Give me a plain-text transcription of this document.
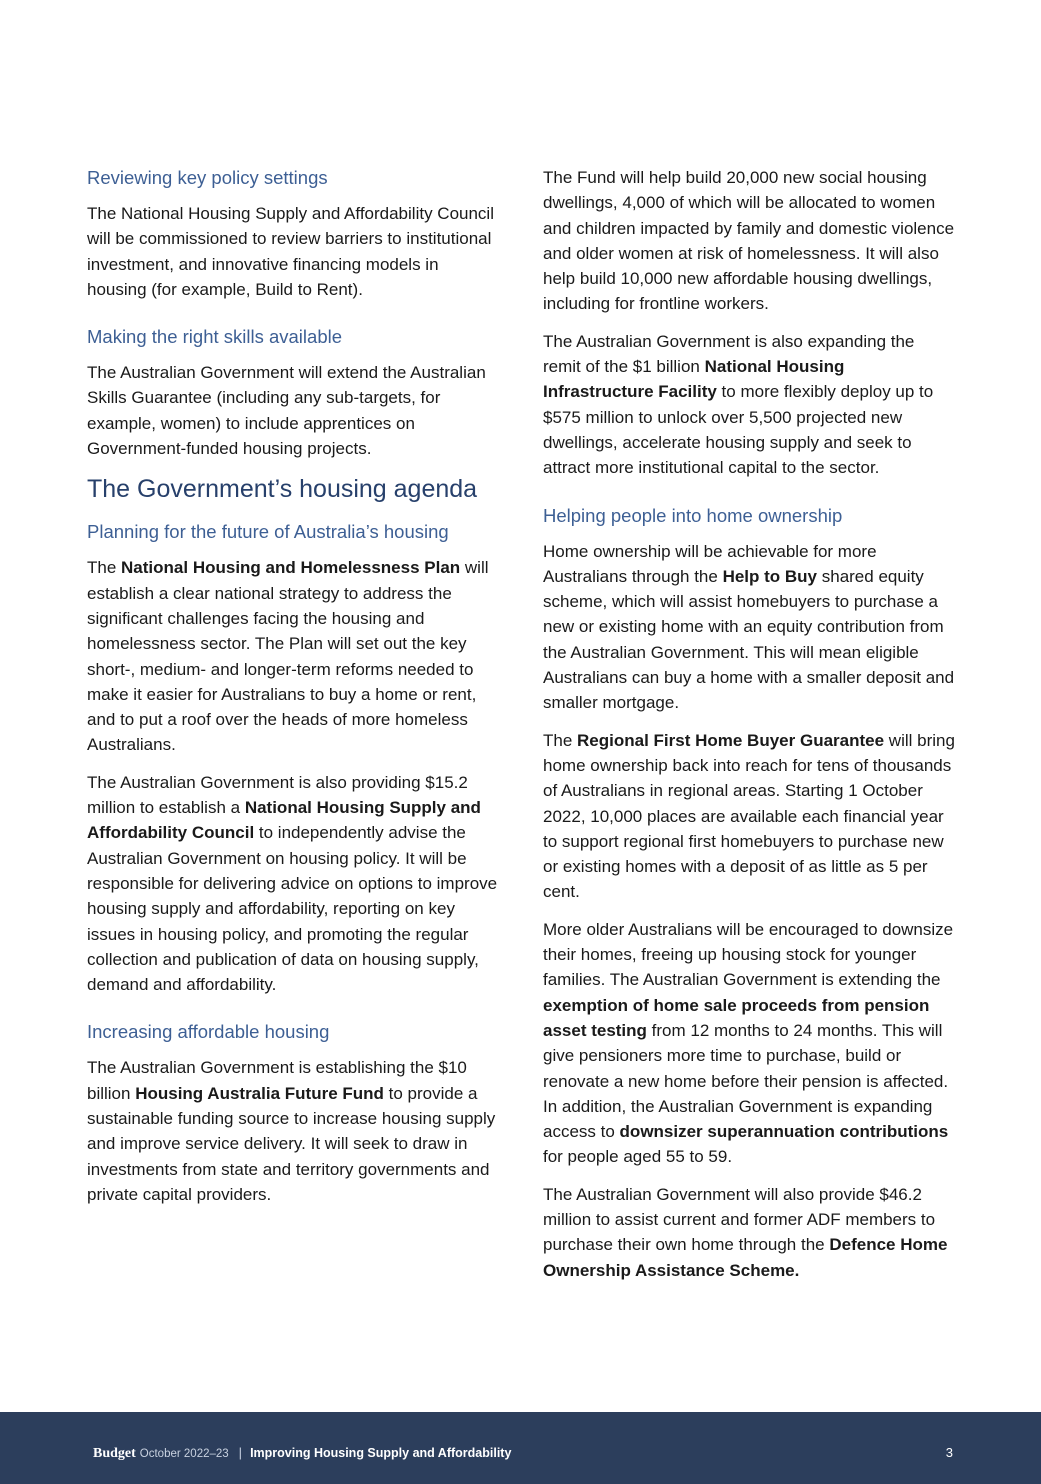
Reviewing key policy settings

The National Housing Supply and Affordability Council will be commissioned to review barriers to institutional investment, and innovative financing models in housing (for example, Build to Rent).

Making the right skills available

The Australian Government will extend the Australian Skills Guarantee (including any sub-targets, for example, women) to include apprentices on Government-funded housing projects.

The Government’s housing agenda
Planning for the future of Australia’s housing

The National Housing and Homelessness Plan will establish a clear national strategy to address the significant challenges facing the housing and homelessness sector. The Plan will set out the key short-, medium- and longer-term reforms needed to make it easier for Australians to buy a home or rent, and to put a roof over the heads of more homeless Australians.

The Australian Government is also providing $15.2 million to establish a National Housing Supply and Affordability Council to independently advise the Australian Government on housing policy. It will be responsible for delivering advice on options to improve housing supply and affordability, reporting on key issues in housing policy, and promoting the regular collection and publication of data on housing supply, demand and affordability.

Increasing affordable housing

The Australian Government is establishing the $10 billion Housing Australia Future Fund to provide a sustainable funding source to increase housing supply and improve service delivery. It will seek to draw in investments from state and territory governments and private capital providers.

The Fund will help build 20,000 new social housing dwellings, 4,000 of which will be allocated to women and children impacted by family and domestic violence and older women at risk of homelessness. It will also help build 10,000 new affordable housing dwellings, including for frontline workers.

The Australian Government is also expanding the remit of the $1 billion National Housing Infrastructure Facility to more flexibly deploy up to $575 million to unlock over 5,500 projected new dwellings, accelerate housing supply and seek to attract more institutional capital to the sector.

Helping people into home ownership

Home ownership will be achievable for more Australians through the Help to Buy shared equity scheme, which will assist homebuyers to purchase a new or existing home with an equity contribution from the Australian Government. This will mean eligible Australians can buy a home with a smaller deposit and smaller mortgage.

The Regional First Home Buyer Guarantee will bring home ownership back into reach for tens of thousands of Australians in regional areas. Starting 1 October 2022, 10,000 places are available each financial year to support regional first homebuyers to purchase new or existing homes with a deposit of as little as 5 per cent.

More older Australians will be encouraged to downsize their homes, freeing up housing stock for younger families. The Australian Government is extending the exemption of home sale proceeds from pension asset testing from 12 months to 24 months. This will give pensioners more time to purchase, build or renovate a new home before their pension is affected. In addition, the Australian Government is expanding access to downsizer superannuation contributions for people aged 55 to 59.

The Australian Government will also provide $46.2 million to assist current and former ADF members to purchase their own home through the Defence Home Ownership Assistance Scheme.

Budget October 2022–23 | Improving Housing Supply and Affordability	3
